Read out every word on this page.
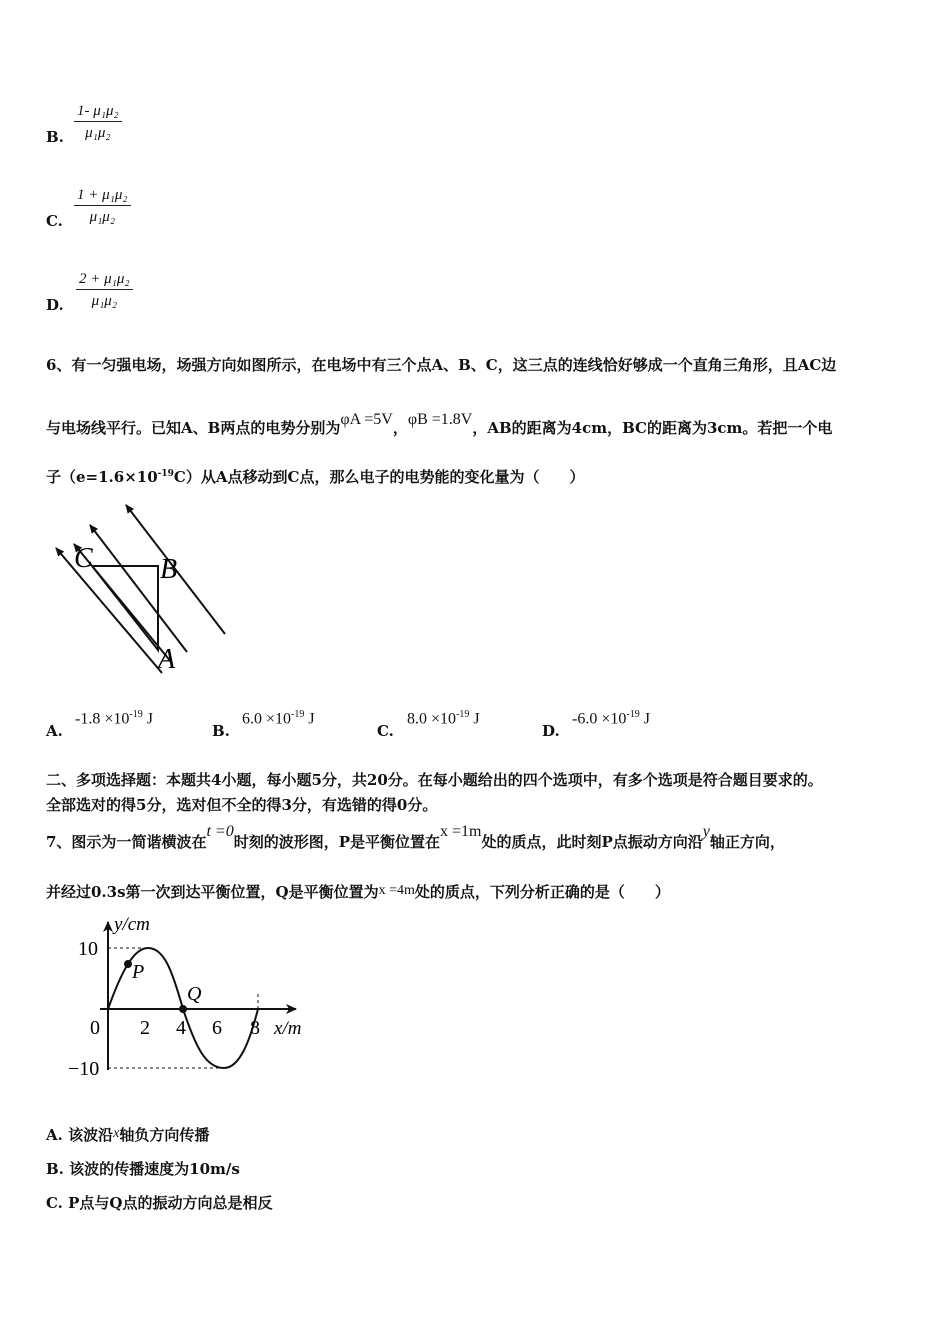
B. $\frac{\text{1- μ₁μ₂}}{\text{μ₁μ₂}}$
C. $\frac{\text{1 + μ₁μ₂}}{\text{μ₁μ₂}}$
D. $\frac{\text{2 + μ₁μ₂}}{\text{μ₁μ₂}}$
6、有一匀强电场，场强方向如图所示，在电场中有三个点A、B、C，这三点的连线恰好够成一个直角三角形，且AC边
与电场线平行。已知A、B两点的电势分别为φA =5V，φB =1.8V，AB的距离为4cm，BC的距离为3cm。若把一个电
子$(e=1.6\times 10^{-19}C)$从A点移动到C点，那么电子的电势能的变化量为（　　）
C B
A
A.
$-1.8 \times 10^{-19}$ J
B.
$6.0 \times 10^{-19}$ J
C.
$8.0 \times 10^{-19}$ J
D.
$-6.0 \times 10^{-19}$ J
二、多项选择题：本题共4小题，每小题5分，共20分。在每小题给出的四个选项中，有多个选项是符合题目要求的。
全部选对的得5分，选对但不全的得3分，有选错的得0分。
7、图示为一简谐横波在t =0时刻的波形图，P是平衡位置在x =1m处的质点，此时刻P点振动方向沿y轴正方向，
并经过0.3s第一次到达平衡位置，Q是平衡位置为x =4m处的质点，下列分析正确的是（　　）
y/cm
x/m
10
−10
0 2 4 6 8
P
Q
A. 该波沿x轴负方向传播
B. 该波的传播速度为10m/s
C. P点与Q点的振动方向总是相反
